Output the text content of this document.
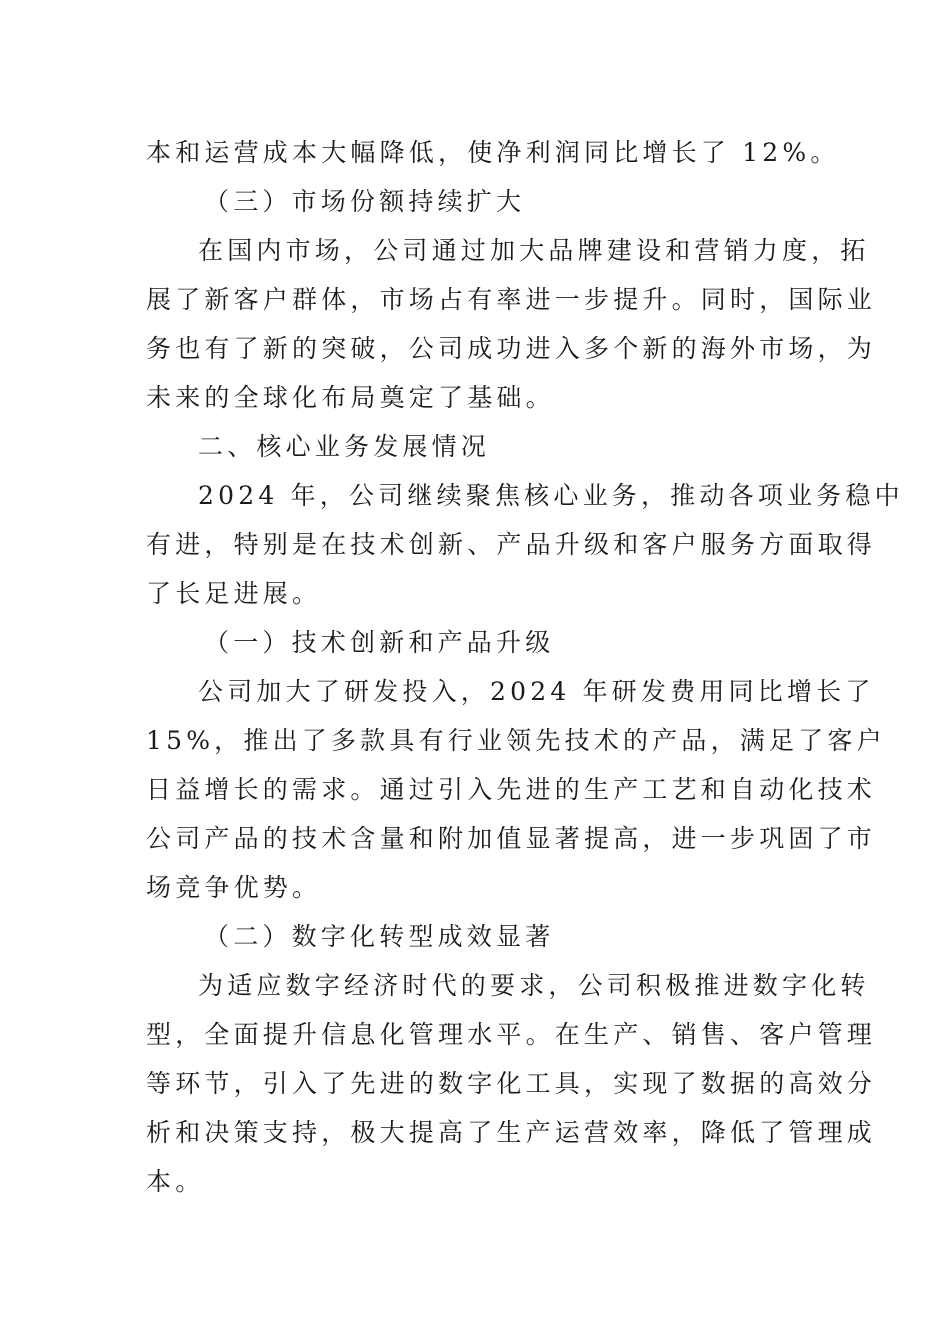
本和运营成本大幅降低，使净利润同比增长了 12%。

（三）市场份额持续扩大

在国内市场，公司通过加大品牌建设和营销力度，拓

展了新客户群体，市场占有率进一步提升。同时，国际业

务也有了新的突破，公司成功进入多个新的海外市场，为

未来的全球化布局奠定了基础。

二、核心业务发展情况

2024 年，公司继续聚焦核心业务，推动各项业务稳中

有进，特别是在技术创新、产品升级和客户服务方面取得

了长足进展。

（一）技术创新和产品升级

公司加大了研发投入，2024 年研发费用同比增长了

15%，推出了多款具有行业领先技术的产品，满足了客户

日益增长的需求。通过引入先进的生产工艺和自动化技术

公司产品的技术含量和附加值显著提高，进一步巩固了市

场竞争优势。

（二）数字化转型成效显著

为适应数字经济时代的要求，公司积极推进数字化转

型，全面提升信息化管理水平。在生产、销售、客户管理

等环节，引入了先进的数字化工具，实现了数据的高效分

析和决策支持，极大提高了生产运营效率，降低了管理成

本。
